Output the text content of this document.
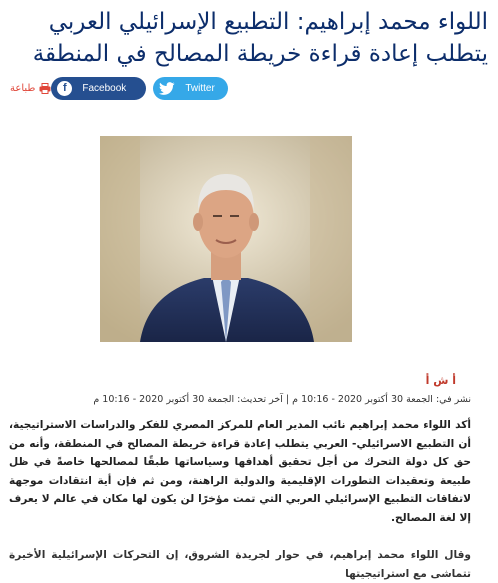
اللواء محمد إبراهيم: التطبيع الإسرائيلي العربي يتطلب إعادة قراءة خريطة المصالح في المنطقة
طباعة	f	Facebook	Twitter
أ ش أ
نشر في: الجمعة 30 أكتوبر 2020 - 10:16 م | آخر تحديث: الجمعة 30 أكتوبر 2020 - 10:16 م

أكد اللواء محمد إبراهيم نائب المدير العام للمركز المصري للفكر والدراسات الاستراتيجية، أن التطبيع الاسرائيلي- العربي يتطلب إعادة قراءة خريطة المصالح في المنطقة، وأنه من حق كل دولة التحرك من أجل تحقيق أهدافها وسياساتها طبقًا لمصالحها خاصةً في ظل طبيعة وتعقيدات التطورات الإقليمية والدولية الراهنة، ومن ثم فإن أية انتقادات موجهة لاتفاقات التطبيع الإسرائيلي العربي التي تمت مؤخرًا لن يكون لها مكان في عالم لا يعرف إلا لغة المصالح.

وقال اللواء محمد إبراهيم، في حوار لجريدة الشروق، إن التحركات الإسرائيلية الأخيرة تتماشى مع استراتيجيتها
